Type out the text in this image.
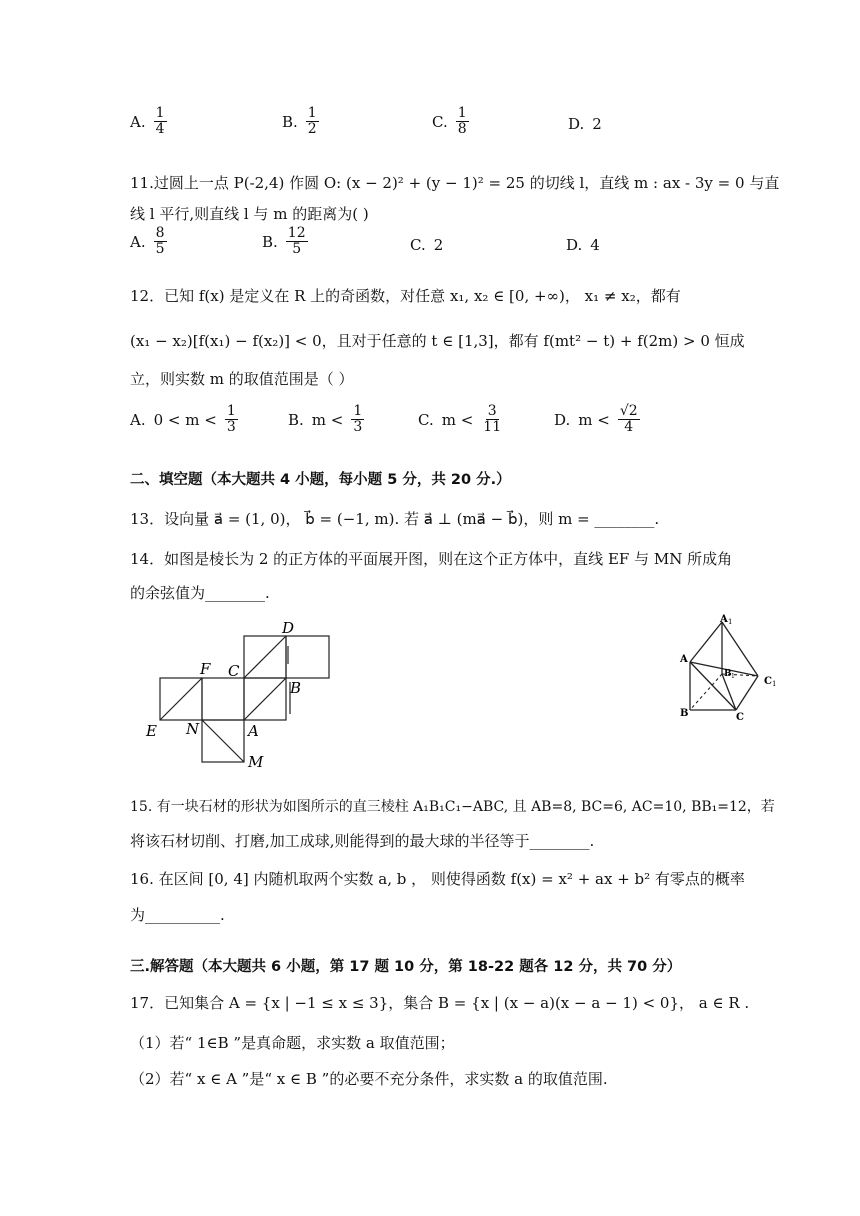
A. $\frac{1}{4}$	B. $\frac{1}{2}$	C. $\frac{1}{8}$	D. 2
11.过圆上一点 P(-2,4) 作圆 O: (x − 2)² + (y − 1)² = 25 的切线 l，直线 m : ax - 3y = 0 与直
线 l 平行,则直线 l 与 m 的距离为( )
A. $\frac{8}{5}$	B. $\frac{12}{5}$	C. 2	D. 4
12．已知 f(x) 是定义在 R 上的奇函数，对任意 x₁, x₂ ∈ [0, +∞)， x₁ ≠ x₂，都有
(x₁ − x₂)[f(x₁) − f(x₂)] < 0，且对于任意的 t ∈ [1,3]，都有 f(mt² − t) + f(2m) > 0 恒成
立，则实数 m 的取值范围是（ ）
A. $0 < m < \frac{1}{3}$	B. $m < \frac{1}{3}$	C. $m < \frac{3}{11}$	D. $m < \frac{√2}{4}$
二、填空题（本大题共 4 小题，每小题 5 分，共 20 分.）
13．设向量 a⃗ = (1, 0)， b⃗ = (−1, m). 若 a⃗ ⊥ (ma⃗ − b⃗)，则 m = ________.
14．如图是棱长为 2 的正方体的平面展开图，则在这个正方体中，直线 EF 与 MN 所成角
的余弦值为________.
D
F C
B
E N	A
M
A 1
A
B 1	C 1
B	C
15. 有一块石材的形状为如图所示的直三棱柱 A₁B₁C₁−ABC, 且 AB=8, BC=6, AC=10, BB₁=12，若
将该石材切削、打磨,加工成球,则能得到的最大球的半径等于________.
16. 在区间 [0, 4] 内随机取两个实数 a, b ， 则使得函数 f(x) = x² + ax + b² 有零点的概率
为__________.
三.解答题（本大题共 6 小题，第 17 题 10 分，第 18-22 题各 12 分，共 70 分）
17．已知集合 A = {x | −1 ≤ x ≤ 3}，集合 B = {x | (x − a)(x − a − 1) < 0}， a ∈ R .
（1）若“ 1∈B ”是真命题，求实数 a 取值范围；
（2）若“ x ∈ A ”是“ x ∈ B ”的必要不充分条件，求实数 a 的取值范围.
